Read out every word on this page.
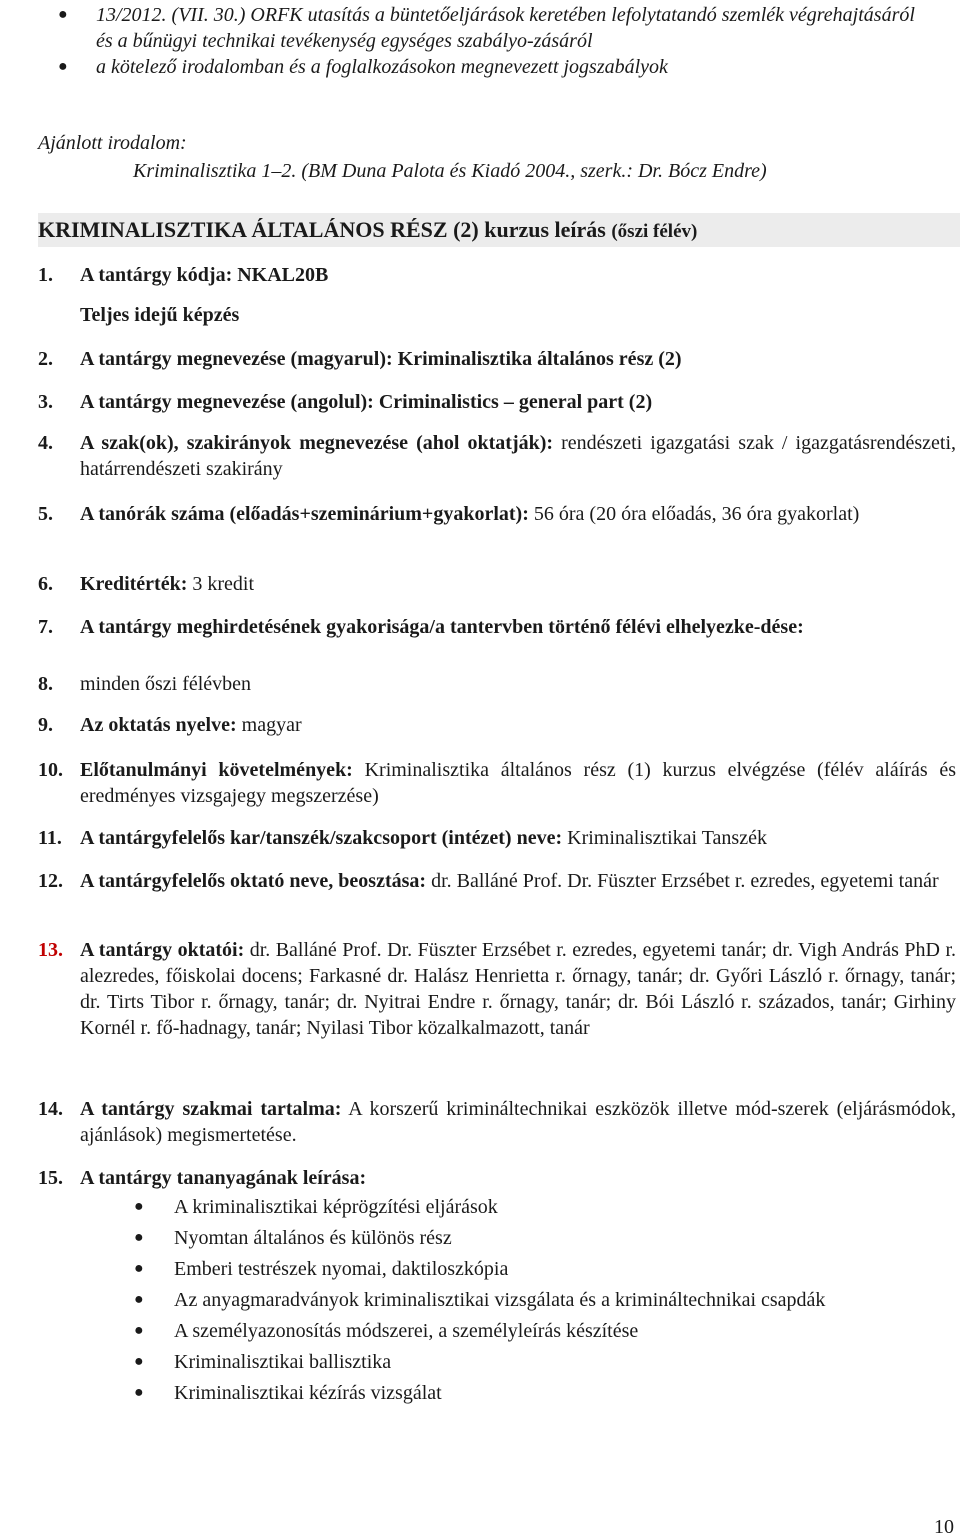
● 13/2012. (VII. 30.) ORFK utasítás a büntetőeljárások keretében lefolytatandó szemlék végrehajtásáról és a bűnügyi technikai tevékenység egységes szabályo-zásáról
● a kötelező irodalomban és a foglalkozásokon megnevezett jogszabályok
Ajánlott irodalom:
Kriminalisztika 1–2. (BM Duna Palota és Kiadó 2004., szerk.: Dr. Bócz Endre)
KRIMINALISZTIKA ÁLTALÁNOS RÉSZ (2) kurzus leírás (őszi félév)
1. A tantárgy kódja: NKAL20B
Teljes idejű képzés
2. A tantárgy megnevezése (magyarul): Kriminalisztika általános rész (2)
3. A tantárgy megnevezése (angolul): Criminalistics – general part (2)
4. A szak(ok), szakirányok megnevezése (ahol oktatják): rendészeti igazgatási szak / igazgatásrendészeti, határrendészeti szakirány
5. A tanórák száma (előadás+szeminárium+gyakorlat): 56 óra (20 óra előadás, 36 óra gyakorlat)
6. Kreditérték: 3 kredit
7. A tantárgy meghirdetésének gyakorisága/a tantervben történő félévi elhelyezke-dése:
8. minden őszi félévben
9. Az oktatás nyelve: magyar
10. Előtanulmányi követelmények: Kriminalisztika általános rész (1) kurzus elvégzése (félév aláírás és eredményes vizsgajegy megszerzése)
11. A tantárgyfelelős kar/tanszék/szakcsoport (intézet) neve: Kriminalisztikai Tanszék
12. A tantárgyfelelős oktató neve, beosztása: dr. Balláné Prof. Dr. Füszter Erzsébet r. ezredes, egyetemi tanár
13. A tantárgy oktatói: dr. Balláné Prof. Dr. Füszter Erzsébet r. ezredes, egyetemi tanár; dr. Vigh András PhD r. alezredes, főiskolai docens; Farkasné dr. Halász Henrietta r. őrnagy, tanár; dr. Győri László r. őrnagy, tanár; dr. Tirts Tibor r. őrnagy, tanár; dr. Nyitrai Endre r. őrnagy, tanár; dr. Bói László r. százados, tanár; Girhiny Kornél r. fő-hadnagy, tanár; Nyilasi Tibor közalkalmazott, tanár
14. A tantárgy szakmai tartalma: A korszerű krimináltechnikai eszközök illetve mód-szerek (eljárásmódok, ajánlások) megismertetése.
15. A tantárgy tananyagának leírása:
● A kriminalisztikai képrögzítési eljárások
● Nyomtan általános és különös rész
● Emberi testrészek nyomai, daktiloszkópia
● Az anyagmaradványok kriminalisztikai vizsgálata és a krimináltechnikai csapdák
● A személyazonosítás módszerei, a személyleírás készítése
● Kriminalisztikai ballisztika
● Kriminalisztikai kézírás vizsgálat
10
